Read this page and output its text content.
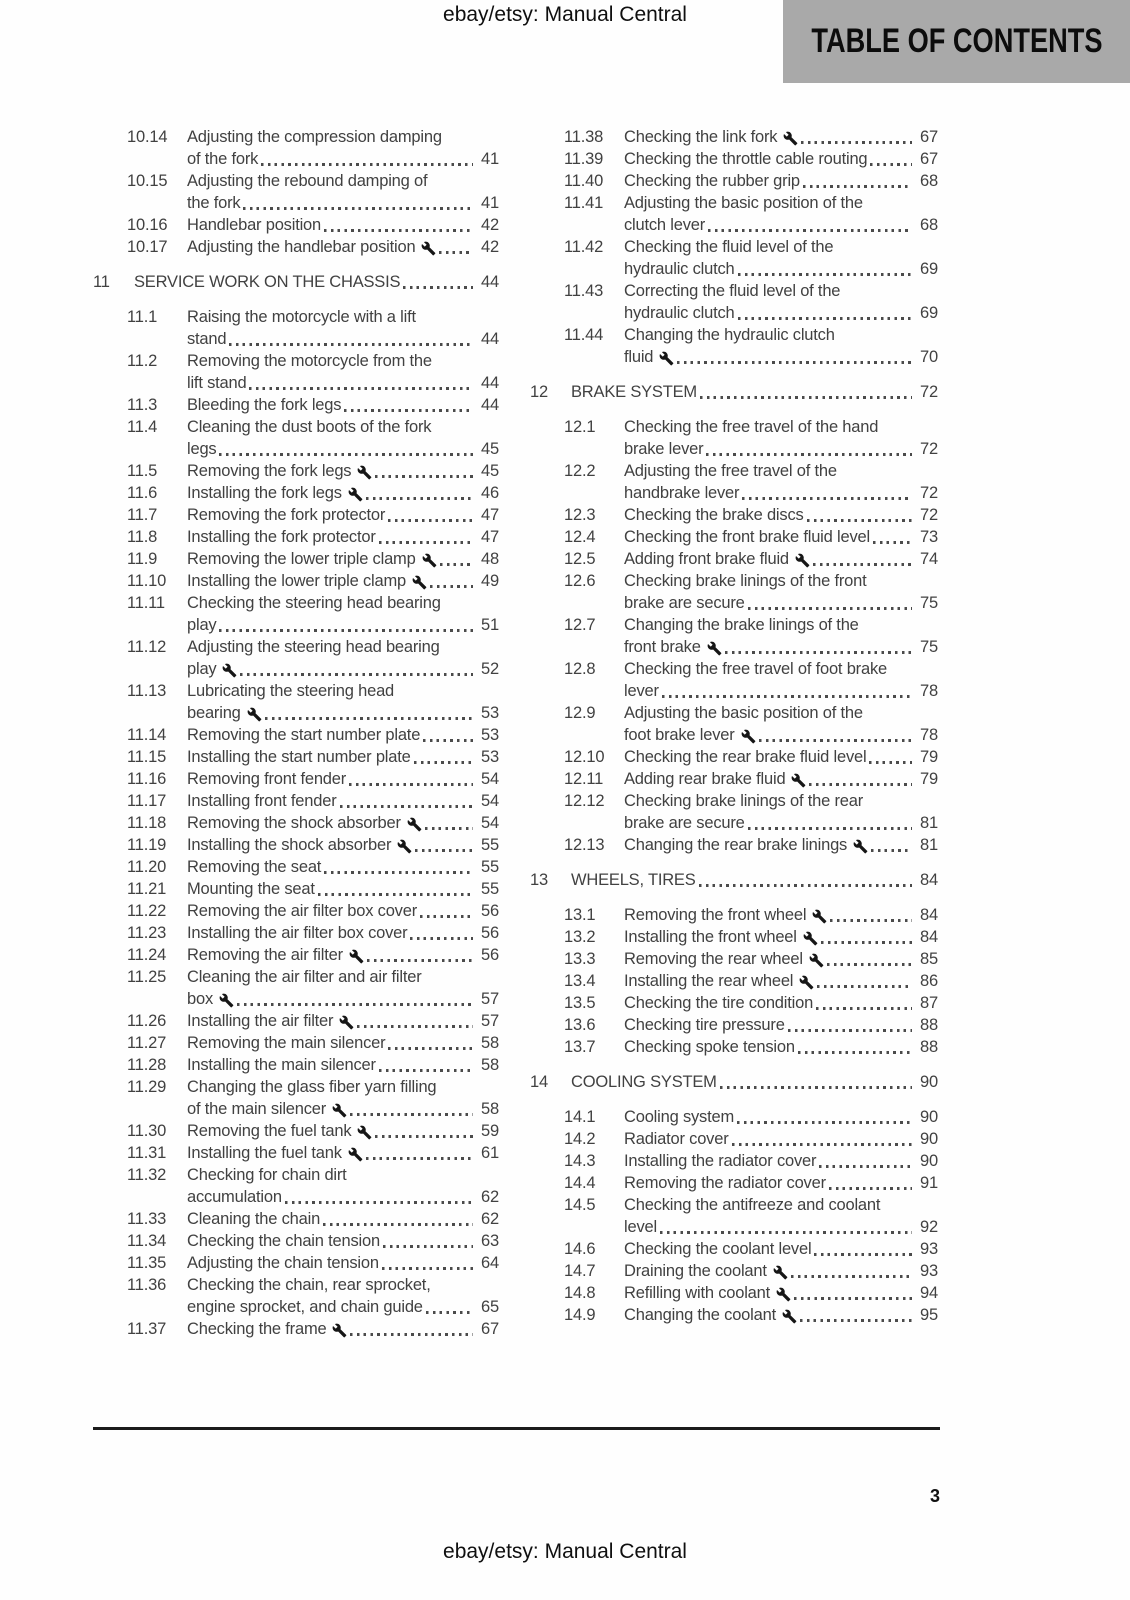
ebay/etsy: Manual Central
TABLE OF CONTENTS
10.14	Adjusting the compression damping
of the fork	41
10.15	Adjusting the rebound damping of
the fork	41
10.16	Handlebar position	42
10.17	Adjusting the handlebar position	42
11	SERVICE WORK ON THE CHASSIS	44
11.1	Raising the motorcycle with a lift
stand	44
11.2	Removing the motorcycle from the
lift stand	44
11.3	Bleeding the fork legs	44
11.4	Cleaning the dust boots of the fork
legs	45
11.5	Removing the fork legs	45
11.6	Installing the fork legs	46
11.7	Removing the fork protector	47
11.8	Installing the fork protector	47
11.9	Removing the lower triple clamp	48
11.10	Installing the lower triple clamp	49
11.11	Checking the steering head bearing
play	51
11.12	Adjusting the steering head bearing
play	52
11.13	Lubricating the steering head
bearing	53
11.14	Removing the start number plate	53
11.15	Installing the start number plate	53
11.16	Removing front fender	54
11.17	Installing front fender	54
11.18	Removing the shock absorber	54
11.19	Installing the shock absorber	55
11.20	Removing the seat	55
11.21	Mounting the seat	55
11.22	Removing the air filter box cover	56
11.23	Installing the air filter box cover	56
11.24	Removing the air filter	56
11.25	Cleaning the air filter and air filter
box	57
11.26	Installing the air filter	57
11.27	Removing the main silencer	58
11.28	Installing the main silencer	58
11.29	Changing the glass fiber yarn filling
of the main silencer	58
11.30	Removing the fuel tank	59
11.31	Installing the fuel tank	61
11.32	Checking for chain dirt
accumulation	62
11.33	Cleaning the chain	62
11.34	Checking the chain tension	63
11.35	Adjusting the chain tension	64
11.36	Checking the chain, rear sprocket,
engine sprocket, and chain guide	65
11.37	Checking the frame	67
11.38	Checking the link fork	67
11.39	Checking the throttle cable routing	67
11.40	Checking the rubber grip	68
11.41	Adjusting the basic position of the
clutch lever	68
11.42	Checking the fluid level of the
hydraulic clutch	69
11.43	Correcting the fluid level of the
hydraulic clutch	69
11.44	Changing the hydraulic clutch
fluid	70
12	BRAKE SYSTEM	72
12.1	Checking the free travel of the hand
brake lever	72
12.2	Adjusting the free travel of the
handbrake lever	72
12.3	Checking the brake discs	72
12.4	Checking the front brake fluid level	73
12.5	Adding front brake fluid	74
12.6	Checking brake linings of the front
brake are secure	75
12.7	Changing the brake linings of the
front brake	75
12.8	Checking the free travel of foot brake
lever	78
12.9	Adjusting the basic position of the
foot brake lever	78
12.10	Checking the rear brake fluid level	79
12.11	Adding rear brake fluid	79
12.12	Checking brake linings of the rear
brake are secure	81
12.13	Changing the rear brake linings	81
13	WHEELS, TIRES	84
13.1	Removing the front wheel	84
13.2	Installing the front wheel	84
13.3	Removing the rear wheel	85
13.4	Installing the rear wheel	86
13.5	Checking the tire condition	87
13.6	Checking tire pressure	88
13.7	Checking spoke tension	88
14	COOLING SYSTEM	90
14.1	Cooling system	90
14.2	Radiator cover	90
14.3	Installing the radiator cover	90
14.4	Removing the radiator cover	91
14.5	Checking the antifreeze and coolant
level	92
14.6	Checking the coolant level	93
14.7	Draining the coolant	93
14.8	Refilling with coolant	94
14.9	Changing the coolant	95
3
ebay/etsy: Manual Central
